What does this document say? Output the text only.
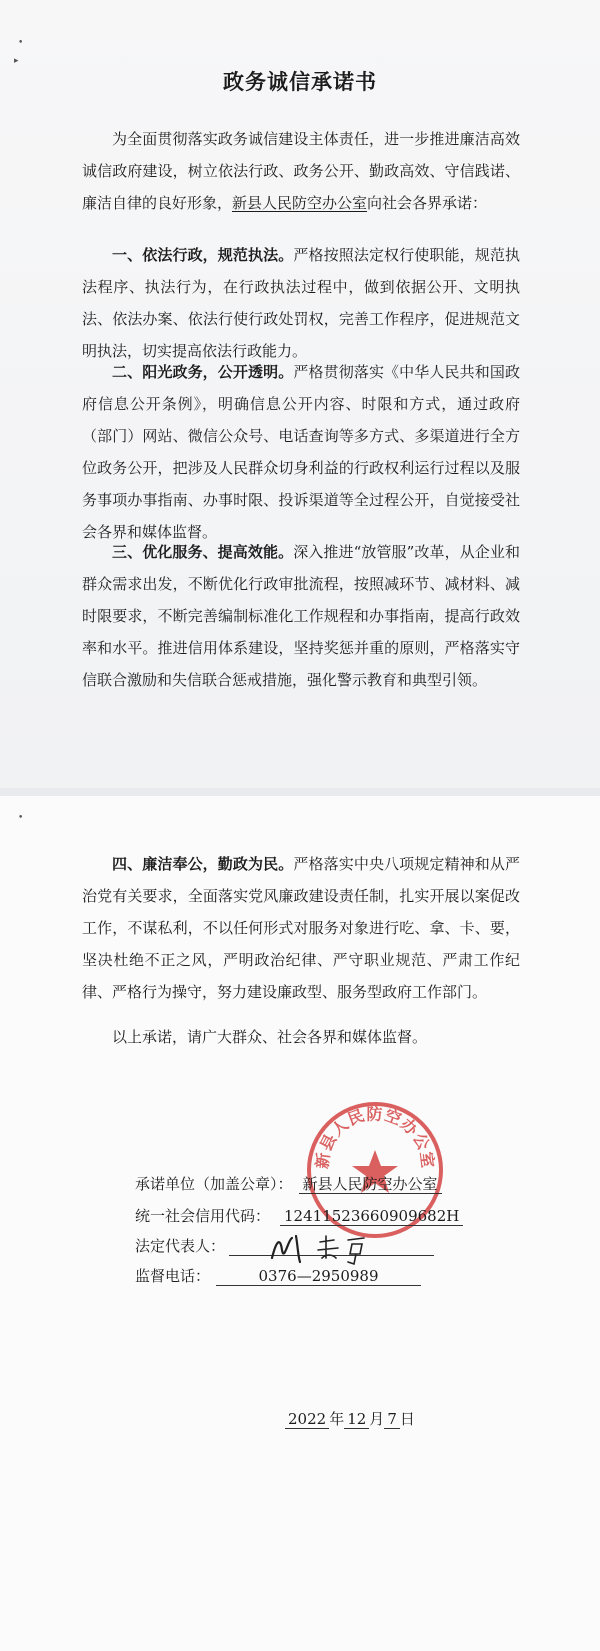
•
▸
•
政务诚信承诺书
为全面贯彻落实政务诚信建设主体责任，进一步推进廉洁高效诚信政府建设，树立依法行政、政务公开、勤政高效、守信践诺、廉洁自律的良好形象，新县人民防空办公室向社会各界承诺：
一、依法行政，规范执法。严格按照法定权行使职能，规范执法程序、执法行为，在行政执法过程中，做到依据公开、文明执法、依法办案、依法行使行政处罚权，完善工作程序，促进规范文明执法，切实提高依法行政能力。
二、阳光政务，公开透明。严格贯彻落实《中华人民共和国政府信息公开条例》，明确信息公开内容、时限和方式，通过政府（部门）网站、微信公众号、电话查询等多方式、多渠道进行全方位政务公开，把涉及人民群众切身利益的行政权利运行过程以及服务事项办事指南、办事时限、投诉渠道等全过程公开，自觉接受社会各界和媒体监督。
三、优化服务、提高效能。深入推进“放管服”改革，从企业和群众需求出发，不断优化行政审批流程，按照减环节、减材料、减时限要求，不断完善编制标准化工作规程和办事指南，提高行政效率和水平。推进信用体系建设，坚持奖惩并重的原则，严格落实守信联合激励和失信联合惩戒措施，强化警示教育和典型引领。
四、廉洁奉公，勤政为民。严格落实中央八项规定精神和从严治党有关要求，全面落实党风廉政建设责任制，扎实开展以案促改工作，不谋私利，不以任何形式对服务对象进行吃、拿、卡、要，坚决杜绝不正之风，严明政治纪律、严守职业规范、严肃工作纪律、严格行为操守，努力建设廉政型、服务型政府工作部门。
以上承诺，请广大群众、社会各界和媒体监督。
新县人民防空办公室
承诺单位（加盖公章）： 新县人民防空办公室
统一社会信用代码： 12411523660909682H
法定代表人：
监督电话：	0376—2950989
2022 年 12 月 7 日
